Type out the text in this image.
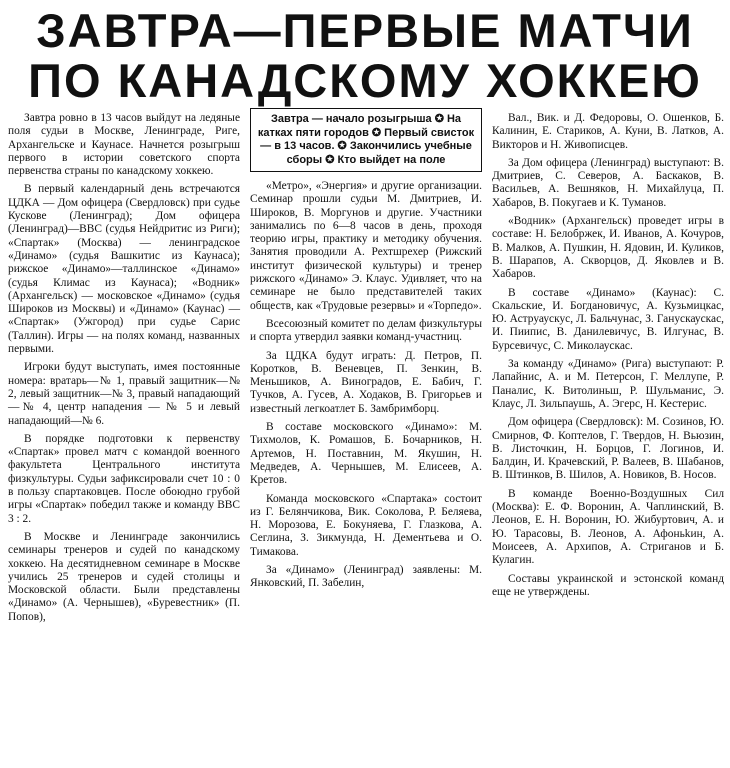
ЗАВТРА—ПЕРВЫЕ МАТЧИ
ПО КАНАДСКОМУ ХОККЕЮ

Завтра ровно в 13 часов выйдут на ледяные поля судьи в Москве, Ленинграде, Риге, Архангельске и Каунасе. Начнется розыгрыш первого в истории советского спорта первенства страны по канадскому хоккею.

В первый календарный день встречаются ЦДКА — Дом офицера (Свердловск) при судье Кускове (Ленинград); Дом офицера (Ленинград)—ВВС (судья Нейдритис из Риги); «Спартак» (Москва) — ленинградское «Динамо» (судья Вашкитис из Каунаса); рижское «Динамо»—таллинское «Динамо» (судья Климас из Каунаса); «Водник» (Архангельск) — московское «Динамо» (судья Широков из Москвы) и «Динамо» (Каунас) — «Спартак» (Ужгород) при судье Сарис (Таллин). Игры — на полях команд, названных первыми.

Игроки будут выступать, имея постоянные номера: вратарь—№ 1, правый защитник—№ 2, левый защитник—№ 3, правый нападающий—№ 4, центр нападения — № 5 и левый нападающий—№ 6.

В порядке подготовки к первенству «Спартак» провел матч с командой военного факультета Центрального института физкультуры. Судьи зафиксировали счет 10 : 0 в пользу спартаковцев. После обоюдно грубой игры «Спартак» победил также и команду ВВС 3 : 2.

В Москве и Ленинграде закончились семинары тренеров и судей по канадскому хоккею. На десятидневном семинаре в Москве учились 25 тренеров и судей столицы и Московской области. Были представлены «Динамо» (А. Чернышев), «Буревестник» (П. Попов),

Завтра — начало розыгрыша ✪ На катках пяти городов ✪ Первый свисток— в 13 часов. ✪ Закончились учебные сборы ✪ Кто выйдет на поле

«Метро», «Энергия» и другие организации. Семинар прошли судьи М. Дмитриев, И. Широков, В. Моргунов и другие. Участники занимались по 6—8 часов в день, проходя теорию игры, практику и методику обучения. Занятия проводили А. Рехтшрехер (Рижский институт физической культуры) и тренер рижского «Динамо» Э. Клаус. Удивляет, что на семинаре не было представителей таких обществ, как «Трудовые резервы» и «Торпедо».

Всесоюзный комитет по делам физкультуры и спорта утвердил заявки команд-участниц.

За ЦДКА будут играть: Д. Петров, П. Коротков, В. Веневцев, П. Зенкин, В. Меньшиков, А. Виноградов, Е. Бабич, Г. Тучков, А. Гусев, А. Ходаков, В. Григорьев и известный легкоатлет Б. Замбримборц.

В составе московского «Динамо»: М. Тихмолов, К. Ромашов, Б. Бочарников, Н. Артемов, Н. Поставнин, М. Якушин, Н. Медведев, А. Чернышев, М. Елисеев, А. Кретов.

Команда московского «Спартака» состоит из Г. Белянчикова, Вик. Соколова, Р. Беляева, Н. Морозова, Е. Бокуняева, Г. Глазкова, А. Сеглина, З. Зикмунда, Н. Дементьева и О. Тимакова.

За «Динамо» (Ленинград) заявлены: М. Янковский, П. Забелин,

Вал., Вик. и Д. Федоровы, О. Ошенков, Б. Калинин, Е. Стариков, А. Куни, В. Латков, А. Викторов и Н. Живописцев.

За Дом офицера (Ленинград) выступают: В. Дмитриев, С. Северов, А. Баскаков, В. Васильев, А. Вешняков, Н. Михайлуца, П. Хабаров, В. Покугаев и К. Туманов.

«Водник» (Архангельск) проведет игры в составе: Н. Белобржек, И. Иванов, А. Кочуров, В. Малков, А. Пушкин, Н. Ядовин, И. Куликов, В. Шарапов, А. Скворцов, Д. Яковлев и В. Хабаров.

В составе «Динамо» (Каунас): С. Скальские, И. Богдановичус, А. Кузьмицкас, Ю. Аструаускус, Л. Бальчунас, З. Ганускаускас, И. Пиипис, В. Данилевичус, В. Илгунас, В. Бурсевичус, С. Миколаускас.

За команду «Динамо» (Рига) выступают: Р. Лапайнис, А. и М. Петерсон, Г. Меллупе, Р. Паналис, К. Витолиньш, Р. Шульманис, Э. Клаус, Л. Зильпаушь, А. Эгерс, Н. Кестерис.

Дом офицера (Свердловск): М. Созинов, Ю. Смирнов, Ф. Коптелов, Г. Твердов, Н. Вьюзин, В. Листочкин, Н. Борцов, Г. Логинов, И. Балдин, И. Крачевский, Р. Валеев, В. Шабанов, В. Штинков, В. Шилов, А. Новиков, В. Носов.

В команде Военно-Воздушных Сил (Москва): Е. Ф. Воронин, А. Чаплинский, В. Леонов, Е. Н. Воронин, Ю. Жибуртович, А. и Ю. Тарасовы, В. Леонов, А. Афоньkин, А. Моисеев, А. Архипов, А. Стриганов и Б. Кулагин.

Составы украинской и эстонской команд еще не утверждены.
